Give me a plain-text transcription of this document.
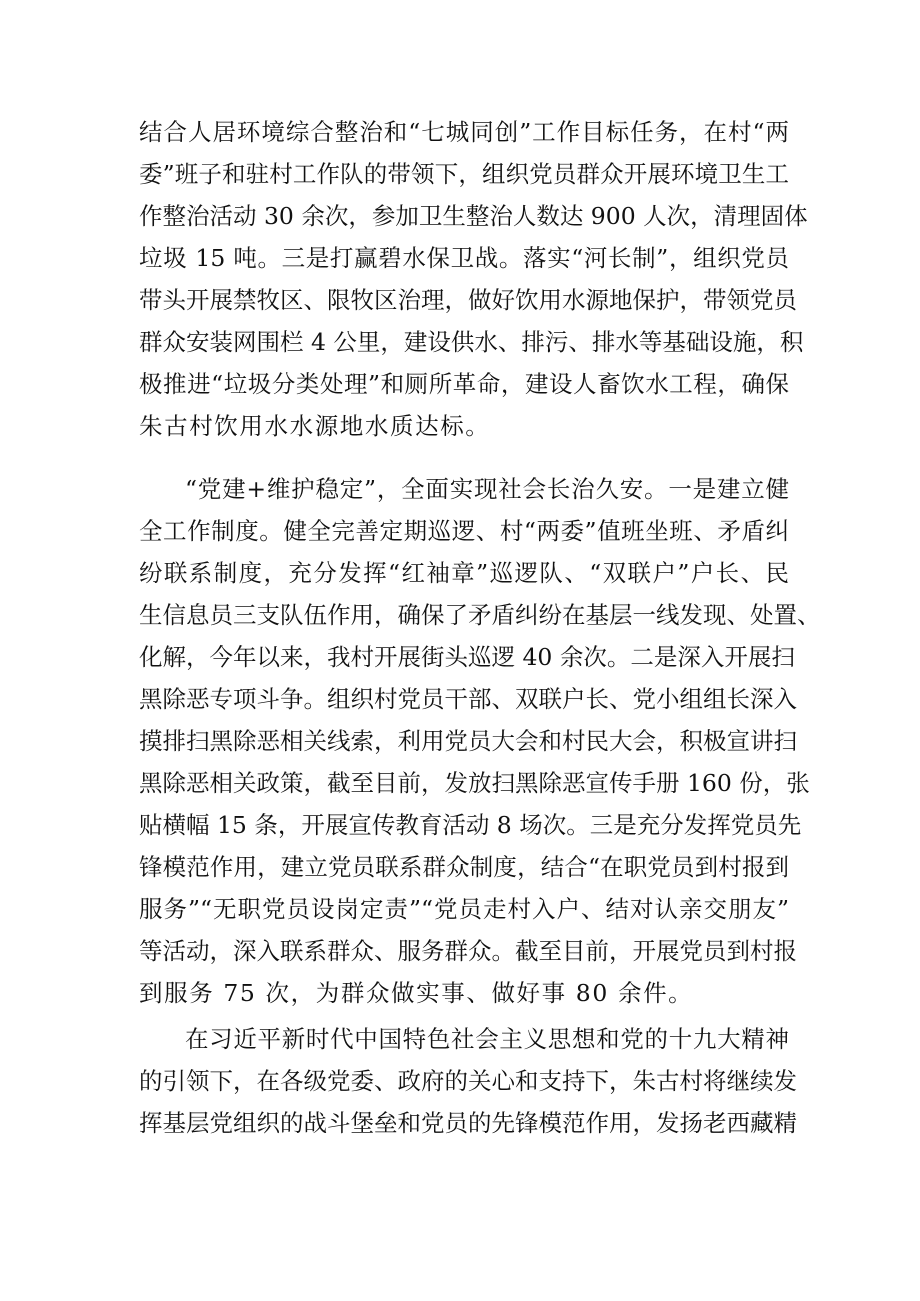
结合人居环境综合整治和“七城同创”工作目标任务，在村“两
委”班子和驻村工作队的带领下，组织党员群众开展环境卫生工
作整治活动 30 余次，参加卫生整治人数达 900 人次，清理固体
垃圾 15 吨。三是打赢碧水保卫战。落实“河长制”，组织党员
带头开展禁牧区、限牧区治理，做好饮用水源地保护，带领党员
群众安装网围栏 4 公里，建设供水、排污、排水等基础设施，积
极推进“垃圾分类处理”和厕所革命，建设人畜饮水工程，确保
朱古村饮用水水源地水质达标。
“党建+维护稳定”，全面实现社会长治久安。一是建立健
全工作制度。健全完善定期巡逻、村“两委”值班坐班、矛盾纠
纷联系制度，充分发挥“红袖章”巡逻队、“双联户”户长、民
生信息员三支队伍作用，确保了矛盾纠纷在基层一线发现、处置、
化解，今年以来，我村开展街头巡逻 40 余次。二是深入开展扫
黑除恶专项斗争。组织村党员干部、双联户长、党小组组长深入
摸排扫黑除恶相关线索，利用党员大会和村民大会，积极宣讲扫
黑除恶相关政策，截至目前，发放扫黑除恶宣传手册 160 份，张
贴横幅 15 条，开展宣传教育活动 8 场次。三是充分发挥党员先
锋模范作用，建立党员联系群众制度，结合“在职党员到村报到
服务”“无职党员设岗定责”“党员走村入户、结对认亲交朋友”
等活动，深入联系群众、服务群众。截至目前，开展党员到村报
到服务 75 次，为群众做实事、做好事 80 余件。
在习近平新时代中国特色社会主义思想和党的十九大精神
的引领下，在各级党委、政府的关心和支持下，朱古村将继续发
挥基层党组织的战斗堡垒和党员的先锋模范作用，发扬老西藏精
